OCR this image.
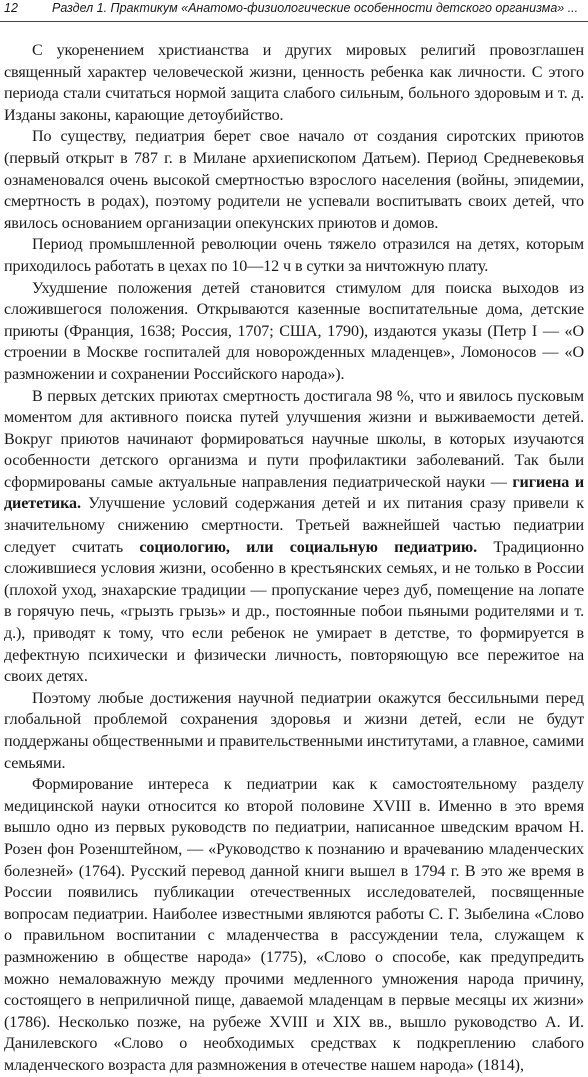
12	Раздел 1. Практикум «Анатомо-физиологические особенности детского организма» ...

С укоренением христианства и других мировых религий провозглашен священный характер человеческой жизни, ценность ребенка как личности. С этого периода стали считаться нормой защита слабого сильным, больного здоровым и т. д. Изданы законы, карающие детоубийство.

По существу, педиатрия берет свое начало от создания сиротских приютов (первый открыт в 787 г. в Милане архиепископом Датьем). Период Средневековья ознаменовался очень высокой смертностью взрослого населения (войны, эпидемии, смертность в родах), поэтому родители не успевали воспитывать своих детей, что явилось основанием организации опекунских приютов и домов.

Период промышленной революции очень тяжело отразился на детях, которым приходилось работать в цехах по 10—12 ч в сутки за ничтожную плату.

Ухудшение положения детей становится стимулом для поиска выходов из сложившегося положения. Открываются казенные воспитательные дома, детские приюты (Франция, 1638; Россия, 1707; США, 1790), издаются указы (Петр I — «О строении в Москве госпиталей для новорожденных младенцев», Ломоносов — «О размножении и сохранении Российского народа»).

В первых детских приютах смертность достигала 98 %, что и явилось пусковым моментом для активного поиска путей улучшения жизни и выживаемости детей. Вокруг приютов начинают формироваться научные школы, в которых изучаются особенности детского организма и пути профилактики заболеваний. Так были сформированы самые актуальные направления педиатрической науки — гигиена и диететика. Улучшение условий содержания детей и их питания сразу привели к значительному снижению смертности. Третьей важнейшей частью педиатрии следует считать социологию, или социальную педиатрию. Традиционно сложившиеся условия жизни, особенно в крестьянских семьях, и не только в России (плохой уход, знахарские традиции — пропускание через дуб, помещение на лопате в горячую печь, «грызть грызь» и др., постоянные побои пьяными родителями и т. д.), приводят к тому, что если ребенок не умирает в детстве, то формируется в дефектную психически и физически личность, повторяющую все пережитое на своих детях.

Поэтому любые достижения научной педиатрии окажутся бессильными перед глобальной проблемой сохранения здоровья и жизни детей, если не будут поддержаны общественными и правительственными институтами, а главное, самими семьями.

Формирование интереса к педиатрии как к самостоятельному разделу медицинской науки относится ко второй половине XVIII в. Именно в это время вышло одно из первых руководств по педиатрии, написанное шведским врачом Н. Розен фон Розенштейном, — «Руководство к познанию и врачеванию младенческих болезней» (1764). Русский перевод данной книги вышел в 1794 г. В это же время в России появились публикации отечественных исследователей, посвященные вопросам педиатрии. Наиболее известными являются работы С. Г. Зыбелина «Слово о правильном воспитании с младенчества в рассуждении тела, служащем к размножению в обществе народа» (1775), «Слово о способе, как предупредить можно немаловажную между прочими медленного умножения народа причину, состоящего в неприличной пище, даваемой младенцам в первые месяцы их жизни» (1786). Несколько позже, на рубеже XVIII и XIX вв., вышло руководство А. И. Данилевского «Слово о необходимых средствах к подкреплению слабого младенческого возраста для размножения в отечестве нашем народа» (1814),
